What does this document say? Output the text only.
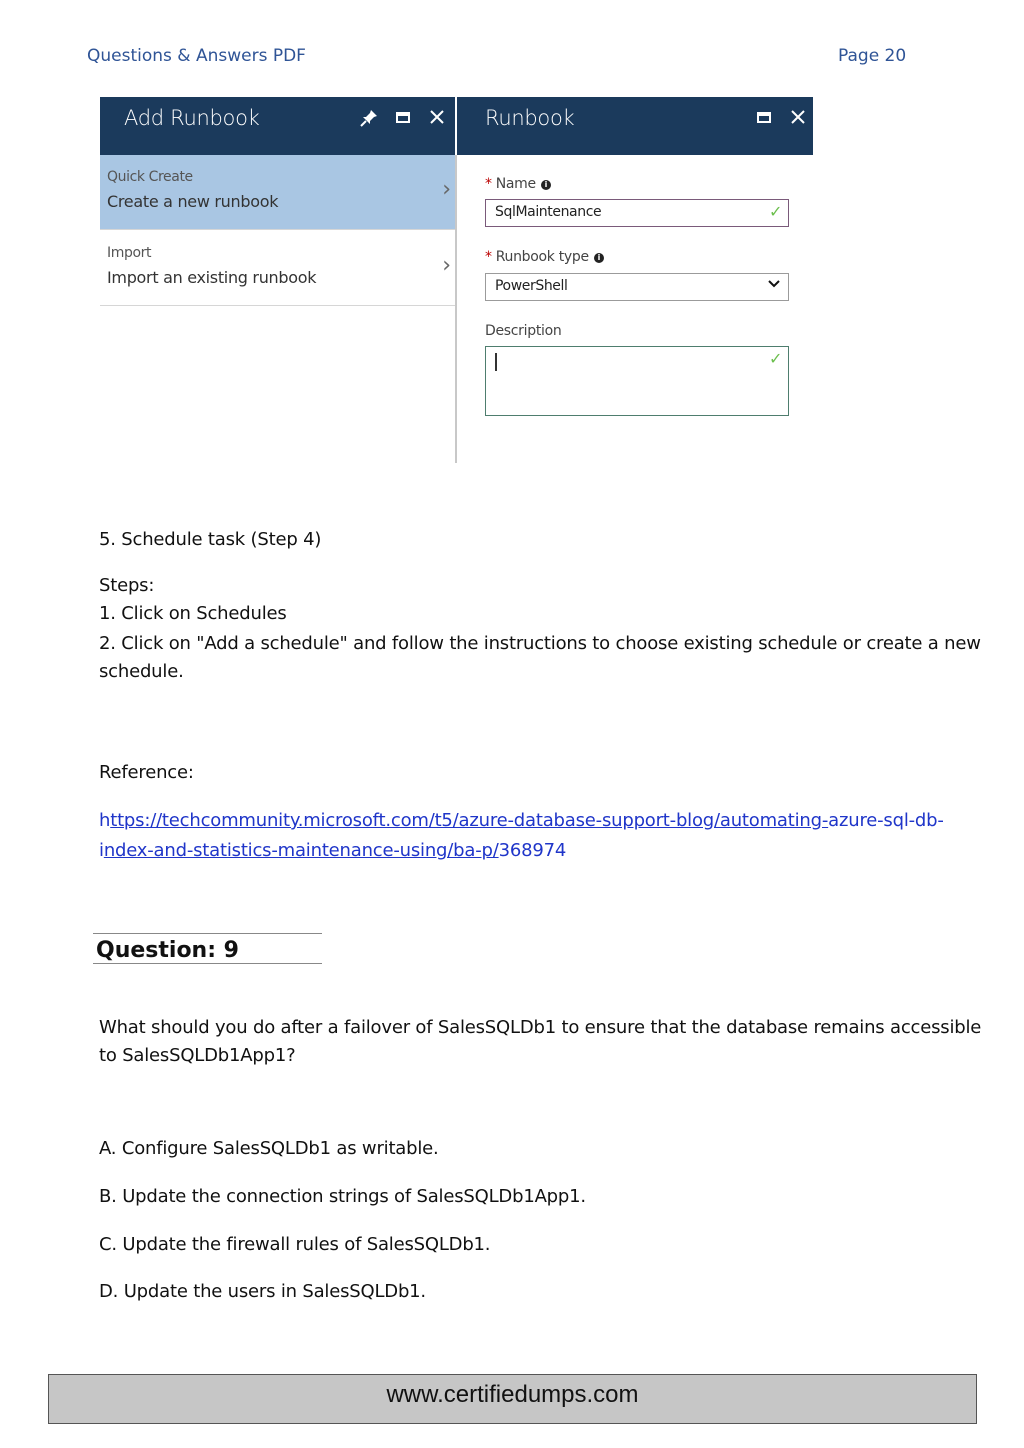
Questions & Answers PDF	Page 20
Add Runbook	Runbook
Quick Create
Create a new runbook	›
Import
Import an existing runbook	›
* Name i
SqlMaintenance	✓
* Runbook type i
PowerShell
Description
✓
5. Schedule task (Step 4)
Steps:
1. Click on Schedules
2. Click on "Add a schedule" and follow the instructions to choose existing schedule or create a new
schedule.
Reference:
https://techcommunity.microsoft.com/t5/azure-database-support-blog/automating-azure-sql-db-
index-and-statistics-maintenance-using/ba-p/368974
Question: 9
What should you do after a failover of SalesSQLDb1 to ensure that the database remains accessible
to SalesSQLDb1App1?
A. Configure SalesSQLDb1 as writable.
B. Update the connection strings of SalesSQLDb1App1.
C. Update the firewall rules of SalesSQLDb1.
D. Update the users in SalesSQLDb1.
www.certifiedumps.com
